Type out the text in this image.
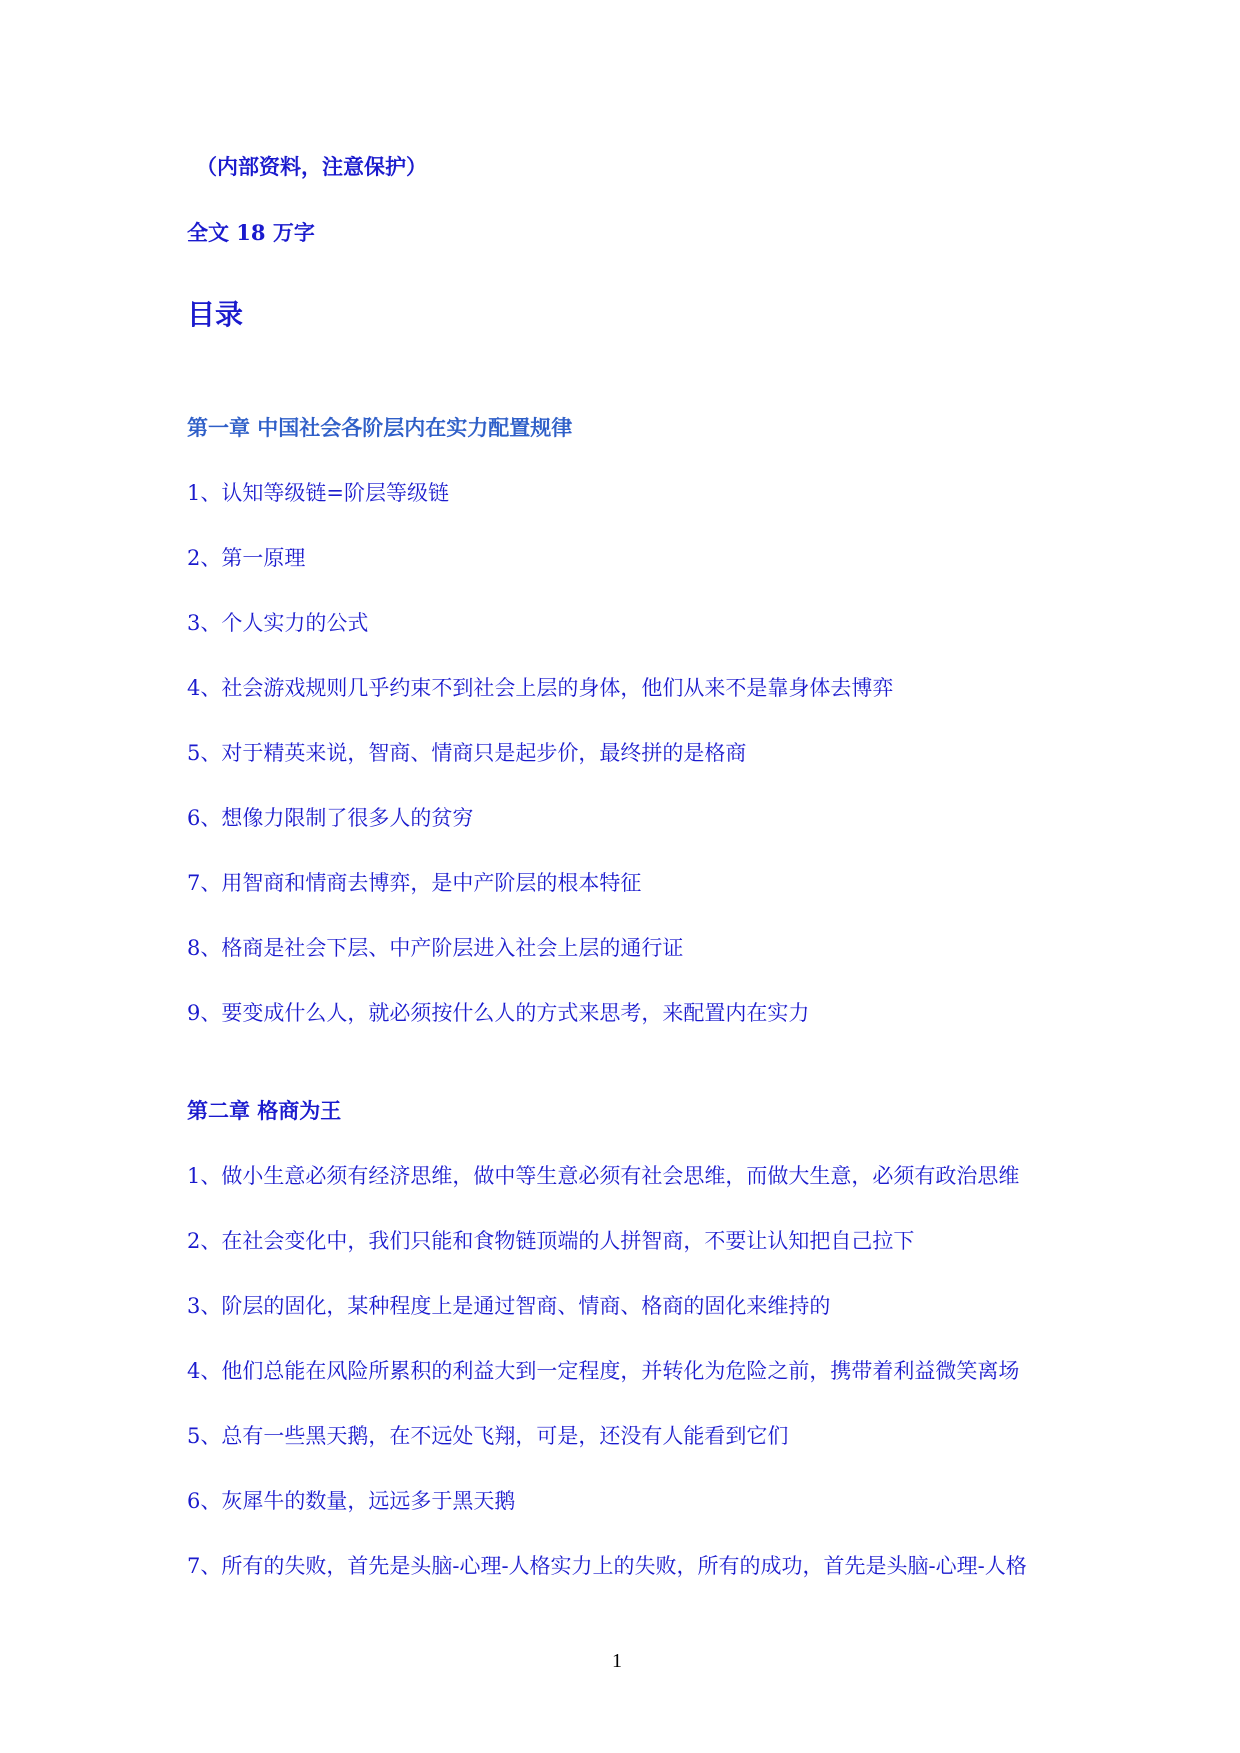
（内部资料，注意保护）
全文 18 万字
目录
第一章 中国社会各阶层内在实力配置规律
1、认知等级链=阶层等级链
2、第一原理
3、个人实力的公式
4、社会游戏规则几乎约束不到社会上层的身体，他们从来不是靠身体去博弈
5、对于精英来说，智商、情商只是起步价，最终拼的是格商
6、想像力限制了很多人的贫穷
7、用智商和情商去博弈，是中产阶层的根本特征
8、格商是社会下层、中产阶层进入社会上层的通行证
9、要变成什么人，就必须按什么人的方式来思考，来配置内在实力
第二章 格商为王
1、做小生意必须有经济思维，做中等生意必须有社会思维，而做大生意，必须有政治思维
2、在社会变化中，我们只能和食物链顶端的人拼智商，不要让认知把自己拉下
3、阶层的固化，某种程度上是通过智商、情商、格商的固化来维持的
4、他们总能在风险所累积的利益大到一定程度，并转化为危险之前，携带着利益微笑离场
5、总有一些黑天鹅，在不远处飞翔，可是，还没有人能看到它们
6、灰犀牛的数量，远远多于黑天鹅
7、所有的失败，首先是头脑-心理-人格实力上的失败，所有的成功，首先是头脑-心理-人格
1
